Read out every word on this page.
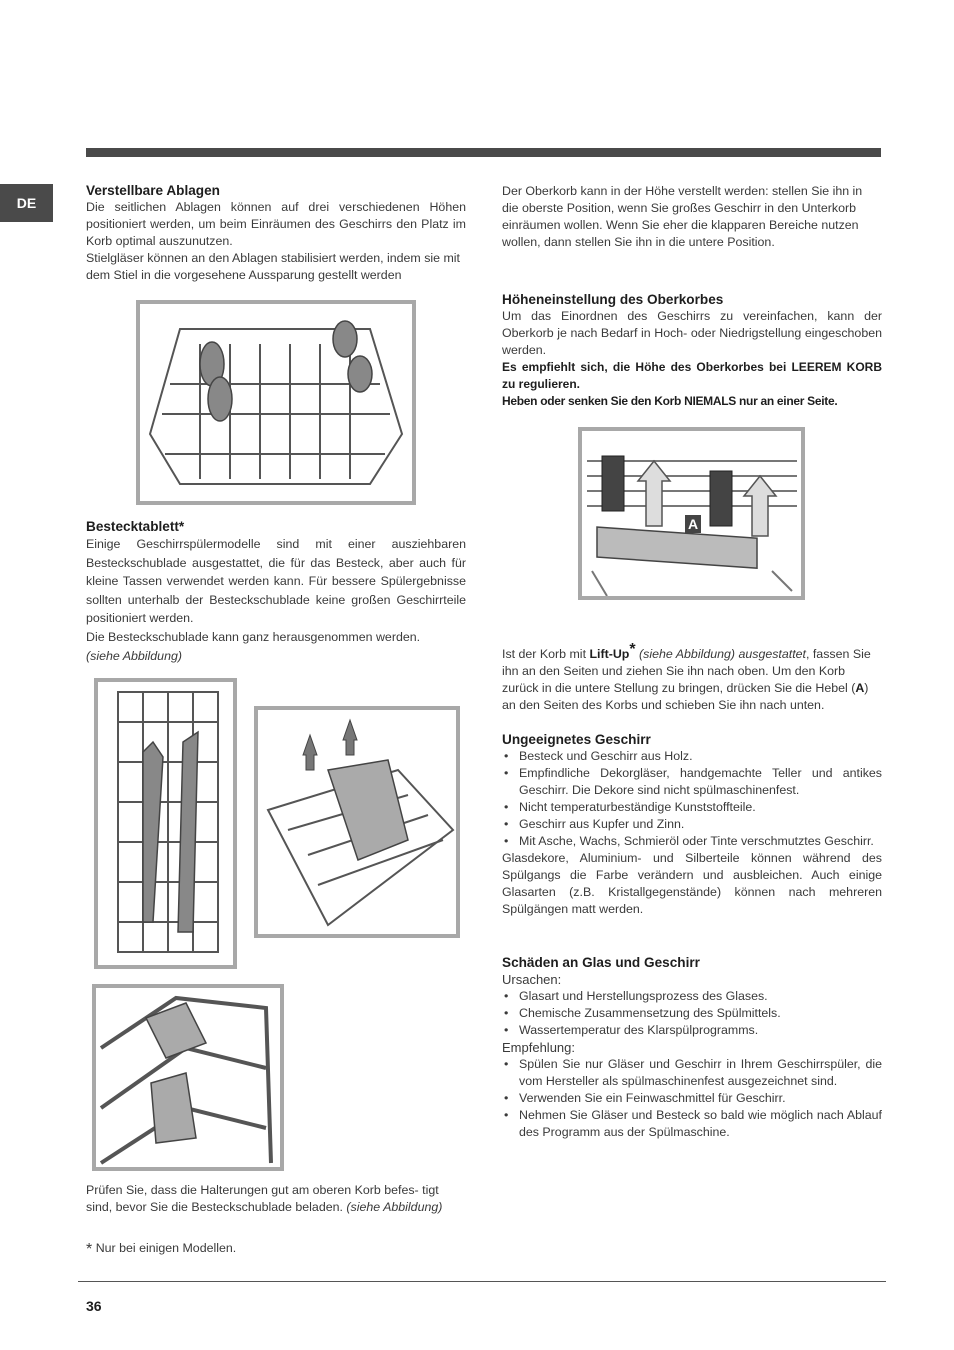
DE
Verstellbare Ablagen

Die seitlichen Ablagen können auf drei verschiedenen Höhen positioniert werden, um beim Einräumen des Geschirrs den Platz im Korb optimal auszunutzen.

Stielgläser können an den Ablagen stabilisiert werden, indem sie mit dem Stiel in die vorgesehene Aussparung gestellt werden

Bestecktablett*

Einige Geschirrspülermodelle sind mit einer ausziehbaren Besteckschublade ausgestattet, die für das Besteck, aber auch für kleine Tassen verwendet werden kann. Für bessere Spülergebnisse sollten unterhalb der Besteckschublade keine großen Geschirrteile positioniert werden.

Die Besteckschublade kann ganz herausgenommen werden.

(siehe Abbildung)

Prüfen Sie, dass die Halterungen gut am oberen Korb befes- tigt sind, bevor Sie die Besteckschublade beladen. (siehe Abbildung)
* Nur bei einigen Modellen.

Der Oberkorb kann in der Höhe verstellt werden: stellen Sie ihn in die oberste Position, wenn Sie großes Geschirr in den Unterkorb einräumen wollen. Wenn Sie eher die klapparen Bereiche nutzen wollen, dann stellen Sie ihn in die untere Position.

Höheneinstellung des Oberkorbes

Um das Einordnen des Geschirrs zu vereinfachen, kann der Oberkorb je nach Bedarf in Hoch- oder Niedrigstellung eingeschoben werden.

Es empfiehlt sich, die Höhe des Oberkorbes bei LEEREM KORB zu regulieren.

Heben oder senken Sie den Korb NIEMALS nur an einer Seite.

A

Ist der Korb mit Lift-Up* (siehe Abbildung) ausgestattet, fassen Sie ihn an den Seiten und ziehen Sie ihn nach oben. Um den Korb zurück in die untere Stellung zu bringen, drücken Sie die Hebel (A) an den Seiten des Korbs und schieben Sie ihn nach unten.

Ungeeignetes Geschirr
• Besteck und Geschirr aus Holz.
• Empfindliche Dekorgläser, handgemachte Teller und antikes Geschirr. Die Dekore sind nicht spülmaschinenfest.
• Nicht temperaturbeständige Kunststoffteile.
• Geschirr aus Kupfer und Zinn.
• Mit Asche, Wachs, Schmieröl oder Tinte verschmutztes Geschirr.

Glasdekore, Aluminium- und Silberteile können während des Spülgangs die Farbe verändern und ausbleichen. Auch einige Glasarten (z.B. Kristallgegenstände) können nach mehreren Spülgängen matt werden.

Schäden an Glas und Geschirr

Ursachen:

• Glasart und Herstellungsprozess des Glases.
• Chemische Zusammensetzung des Spülmittels.
• Wassertemperatur des Klarspülprogramms.

Empfehlung:

• Spülen Sie nur Gläser und Geschirr in Ihrem Geschirrspüler, die vom Hersteller als spülmaschinenfest ausgezeichnet sind.
• Verwenden Sie ein Feinwaschmittel für Geschirr.
• Nehmen Sie Gläser und Besteck so bald wie möglich nach Ablauf des Programm aus der Spülmaschine.
36
